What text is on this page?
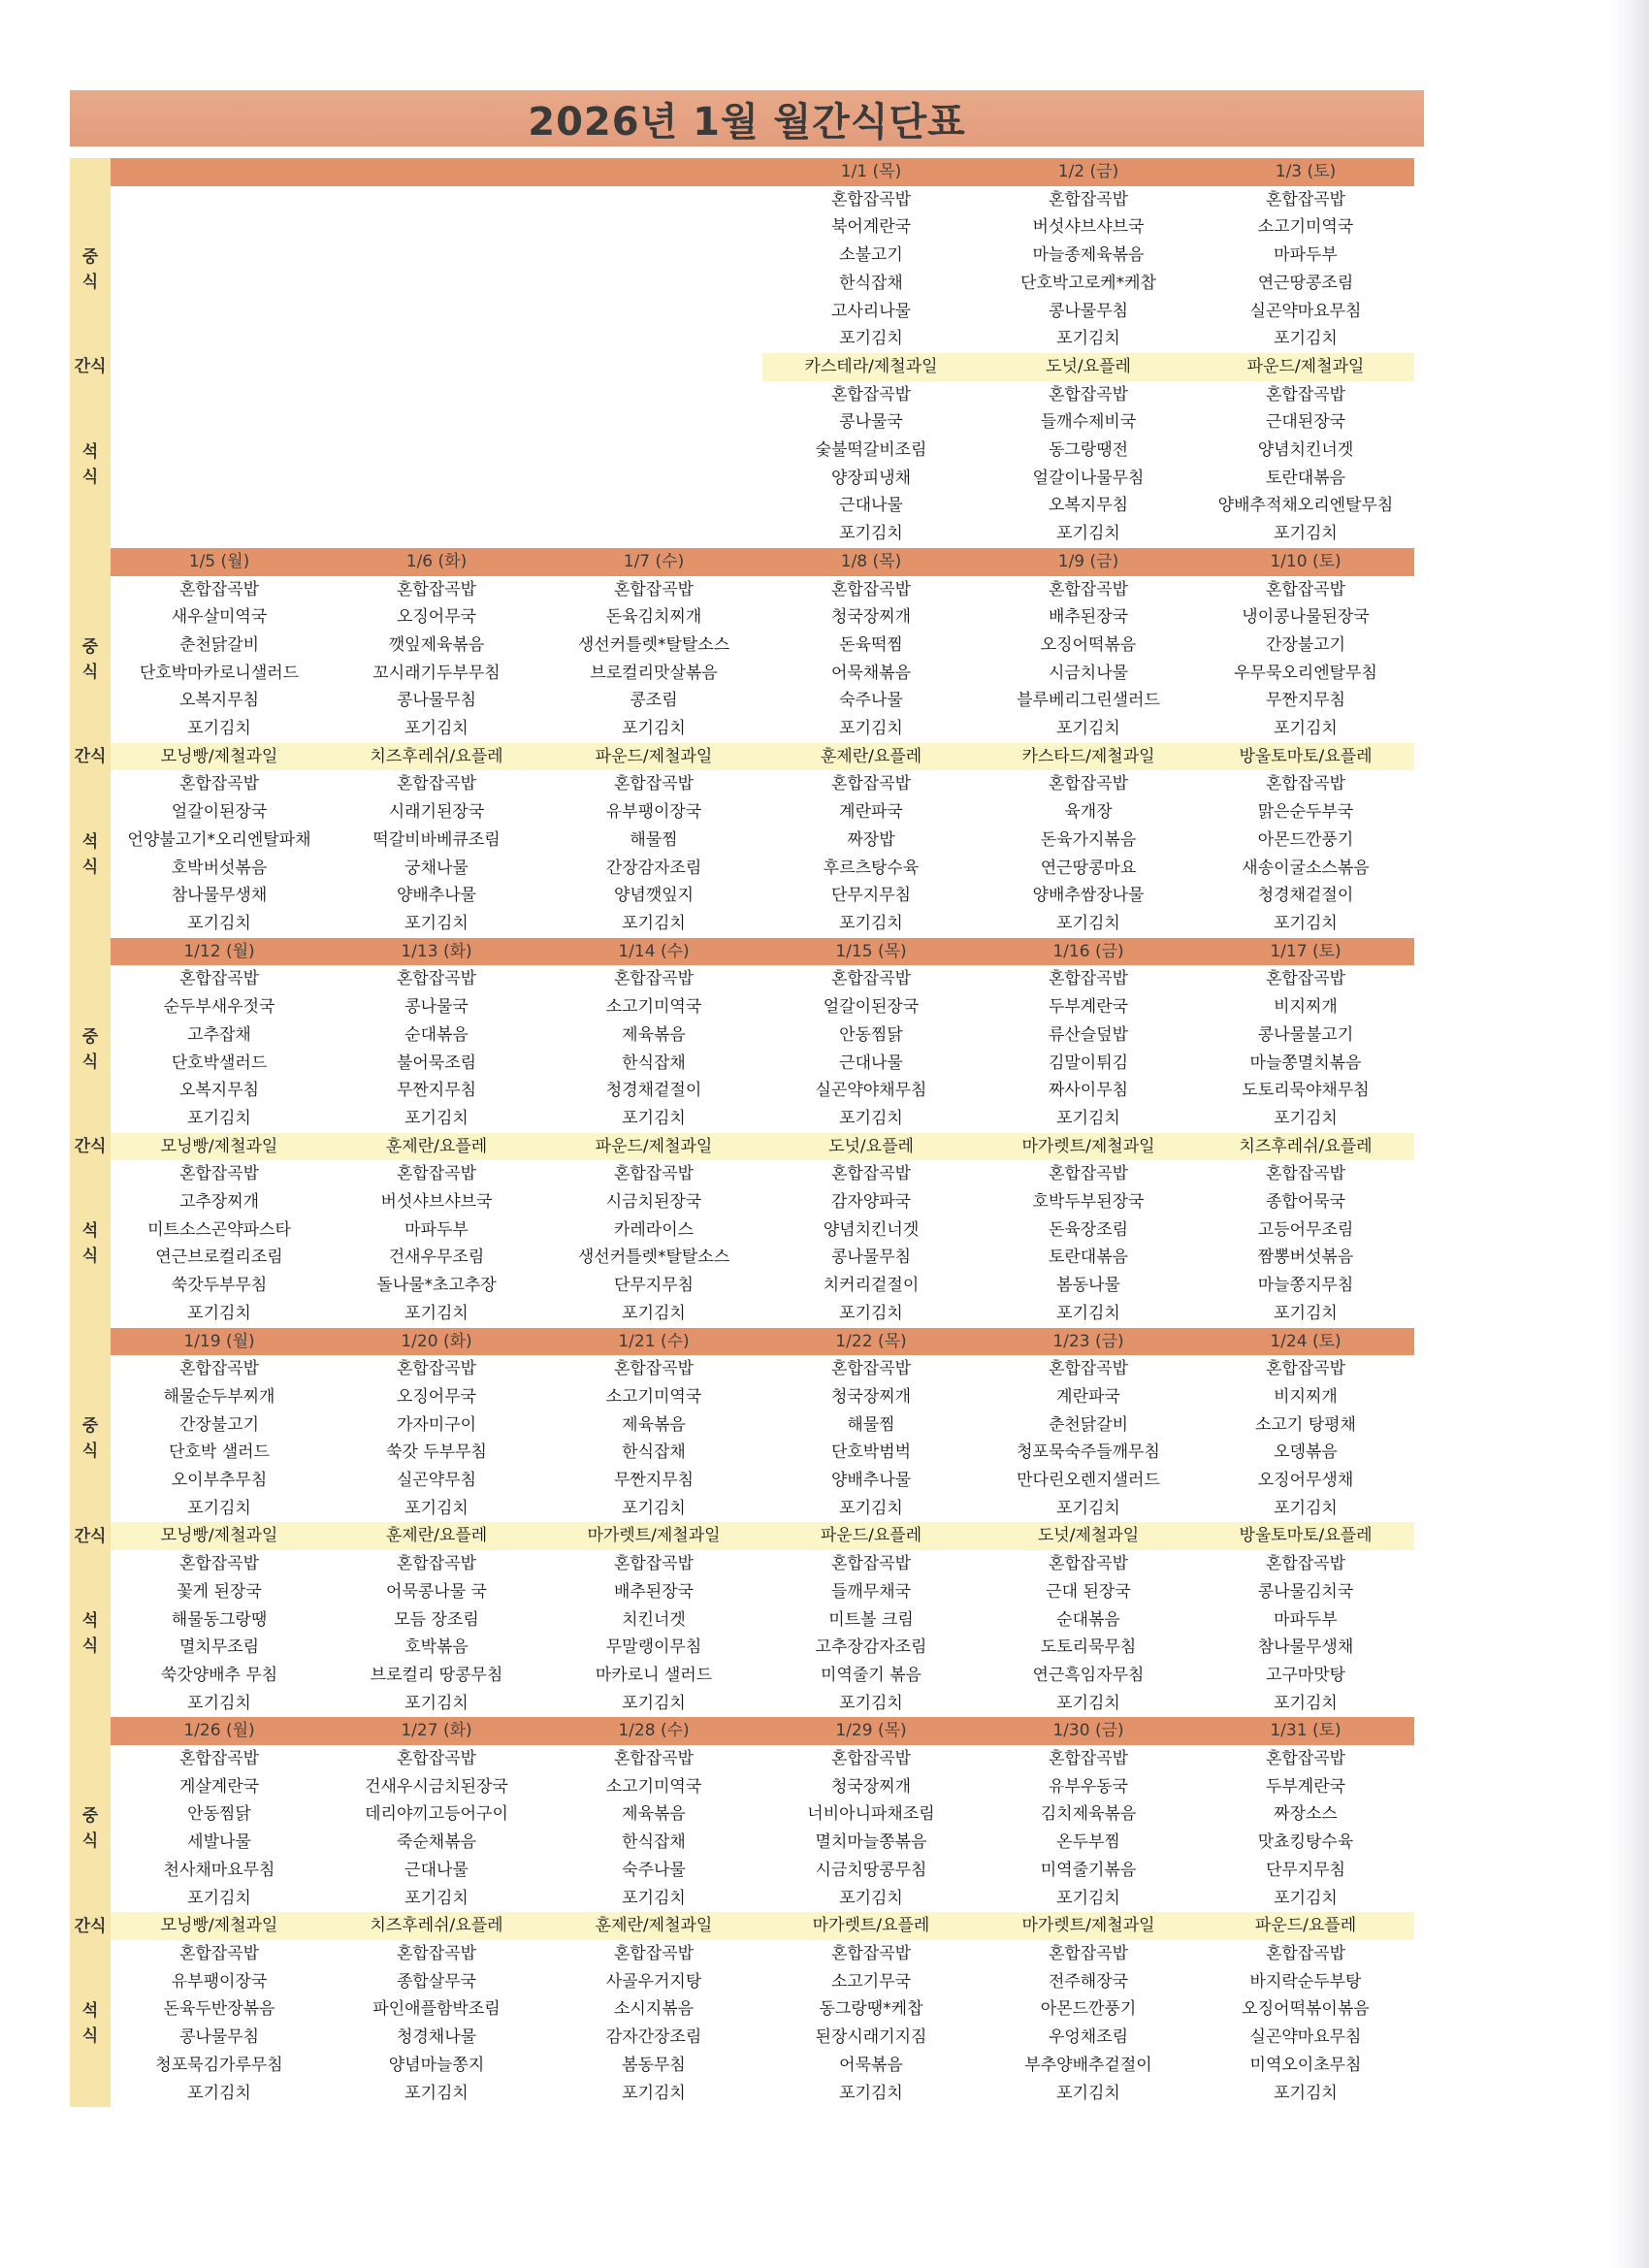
2026년 1월 월간식단표
				1/1 (목)	1/2 (금)	1/3 (토)
중
식				혼합잡곡밥	혼합잡곡밥	혼합잡곡밥
				북어계란국	버섯샤브샤브국	소고기미역국
				소불고기	마늘종제육볶음	마파두부
				한식잡채	단호박고로케*케찹	연근땅콩조림
				고사리나물	콩나물무침	실곤약마요무침
				포기김치	포기김치	포기김치
간식				카스테라/제철과일	도넛/요플레	파운드/제철과일
석
식				혼합잡곡밥	혼합잡곡밥	혼합잡곡밥
				콩나물국	들깨수제비국	근대된장국
				숯불떡갈비조림	동그랑땡전	양념치킨너겟
				양장피냉채	얼갈이나물무침	토란대볶음
				근대나물	오복지무침	양배추적채오리엔탈무침
				포기김치	포기김치	포기김치
	1/5 (월)	1/6 (화)	1/7 (수)	1/8 (목)	1/9 (금)	1/10 (토)
중
식	혼합잡곡밥	혼합잡곡밥	혼합잡곡밥	혼합잡곡밥	혼합잡곡밥	혼합잡곡밥
	새우살미역국	오징어무국	돈육김치찌개	청국장찌개	배추된장국	냉이콩나물된장국
	춘천닭갈비	깻잎제육볶음	생선커틀렛*탈탈소스	돈육떡찜	오징어떡볶음	간장불고기
	단호박마카로니샐러드	꼬시래기두부무침	브로컬리맛살볶음	어묵채볶음	시금치나물	우무묵오리엔탈무침
	오복지무침	콩나물무침	콩조림	숙주나물	블루베리그린샐러드	무짠지무침
	포기김치	포기김치	포기김치	포기김치	포기김치	포기김치
간식	모닝빵/제철과일	치즈후레쉬/요플레	파운드/제철과일	훈제란/요플레	카스타드/제철과일	방울토마토/요플레
석
식	혼합잡곡밥	혼합잡곡밥	혼합잡곡밥	혼합잡곡밥	혼합잡곡밥	혼합잡곡밥
	얼갈이된장국	시래기된장국	유부팽이장국	계란파국	육개장	맑은순두부국
	언양불고기*오리엔탈파채	떡갈비바베큐조림	해물찜	짜장밥	돈육가지볶음	아몬드깐풍기
	호박버섯볶음	궁채나물	간장감자조림	후르츠탕수육	연근땅콩마요	새송이굴소스볶음
	참나물무생채	양배추나물	양념깻잎지	단무지무침	양배추쌈장나물	청경채겉절이
	포기김치	포기김치	포기김치	포기김치	포기김치	포기김치
	1/12 (월)	1/13 (화)	1/14 (수)	1/15 (목)	1/16 (금)	1/17 (토)
중
식	혼합잡곡밥	혼합잡곡밥	혼합잡곡밥	혼합잡곡밥	혼합잡곡밥	혼합잡곡밥
	순두부새우젓국	콩나물국	소고기미역국	얼갈이된장국	두부계란국	비지찌개
	고추잡채	순대볶음	제육볶음	안동찜닭	류산슬덮밥	콩나물불고기
	단호박샐러드	불어묵조림	한식잡채	근대나물	김말이튀김	마늘쫑멸치볶음
	오복지무침	무짠지무침	청경채겉절이	실곤약야채무침	짜사이무침	도토리묵야채무침
	포기김치	포기김치	포기김치	포기김치	포기김치	포기김치
간식	모닝빵/제철과일	훈제란/요플레	파운드/제철과일	도넛/요플레	마가렛트/제철과일	치즈후레쉬/요플레
석
식	혼합잡곡밥	혼합잡곡밥	혼합잡곡밥	혼합잡곡밥	혼합잡곡밥	혼합잡곡밥
	고추장찌개	버섯샤브샤브국	시금치된장국	감자양파국	호박두부된장국	종합어묵국
	미트소스곤약파스타	마파두부	카레라이스	양념치킨너겟	돈육장조림	고등어무조림
	연근브로컬리조림	건새우무조림	생선커틀렛*탈탈소스	콩나물무침	토란대볶음	짬뽕버섯볶음
	쑥갓두부무침	돌나물*초고추장	단무지무침	치커리겉절이	봄동나물	마늘쫑지무침
	포기김치	포기김치	포기김치	포기김치	포기김치	포기김치
	1/19 (월)	1/20 (화)	1/21 (수)	1/22 (목)	1/23 (금)	1/24 (토)
중
식	혼합잡곡밥	혼합잡곡밥	혼합잡곡밥	혼합잡곡밥	혼합잡곡밥	혼합잡곡밥
	해물순두부찌개	오징어무국	소고기미역국	청국장찌개	계란파국	비지찌개
	간장불고기	가자미구이	제육볶음	해물찜	춘천닭갈비	소고기 탕평채
	단호박 샐러드	쑥갓 두부무침	한식잡채	단호박범벅	청포묵숙주들깨무침	오뎅볶음
	오이부추무침	실곤약무침	무짠지무침	양배추나물	만다린오렌지샐러드	오징어무생채
	포기김치	포기김치	포기김치	포기김치	포기김치	포기김치
간식	모닝빵/제철과일	훈제란/요플레	마가렛트/제철과일	파운드/요플레	도넛/제철과일	방울토마토/요플레
석
식	혼합잡곡밥	혼합잡곡밥	혼합잡곡밥	혼합잡곡밥	혼합잡곡밥	혼합잡곡밥
	꽃게 된장국	어묵콩나물 국	배추된장국	들깨무채국	근대 된장국	콩나물김치국
	해물동그랑땡	모듬 장조림	치킨너겟	미트볼 크림	순대볶음	마파두부
	멸치무조림	호박볶음	무말랭이무침	고추장감자조림	도토리묵무침	참나물무생채
	쑥갓양배추 무침	브로컬리 땅콩무침	마카로니 샐러드	미역줄기 볶음	연근흑임자무침	고구마맛탕
	포기김치	포기김치	포기김치	포기김치	포기김치	포기김치
	1/26 (월)	1/27 (화)	1/28 (수)	1/29 (목)	1/30 (금)	1/31 (토)
중
식	혼합잡곡밥	혼합잡곡밥	혼합잡곡밥	혼합잡곡밥	혼합잡곡밥	혼합잡곡밥
	게살계란국	건새우시금치된장국	소고기미역국	청국장찌개	유부우동국	두부계란국
	안동찜닭	데리야끼고등어구이	제육볶음	너비아니파채조림	김치제육볶음	짜장소스
	세발나물	죽순채볶음	한식잡채	멸치마늘쫑볶음	온두부찜	맛쵸킹탕수육
	천사채마요무침	근대나물	숙주나물	시금치땅콩무침	미역줄기볶음	단무지무침
	포기김치	포기김치	포기김치	포기김치	포기김치	포기김치
간식	모닝빵/제철과일	치즈후레쉬/요플레	훈제란/제철과일	마가렛트/요플레	마가렛트/제철과일	파운드/요플레
석
식	혼합잡곡밥	혼합잡곡밥	혼합잡곡밥	혼합잡곡밥	혼합잡곡밥	혼합잡곡밥
	유부팽이장국	종합살무국	사골우거지탕	소고기무국	전주해장국	바지락순두부탕
	돈육두반장볶음	파인애플함박조림	소시지볶음	동그랑땡*케찹	아몬드깐풍기	오징어떡볶이볶음
	콩나물무침	청경채나물	감자간장조림	된장시래기지짐	우엉채조림	실곤약마요무침
	청포묵김가루무침	양념마늘쫑지	봄동무침	어묵볶음	부추양배추겉절이	미역오이초무침
	포기김치	포기김치	포기김치	포기김치	포기김치	포기김치
